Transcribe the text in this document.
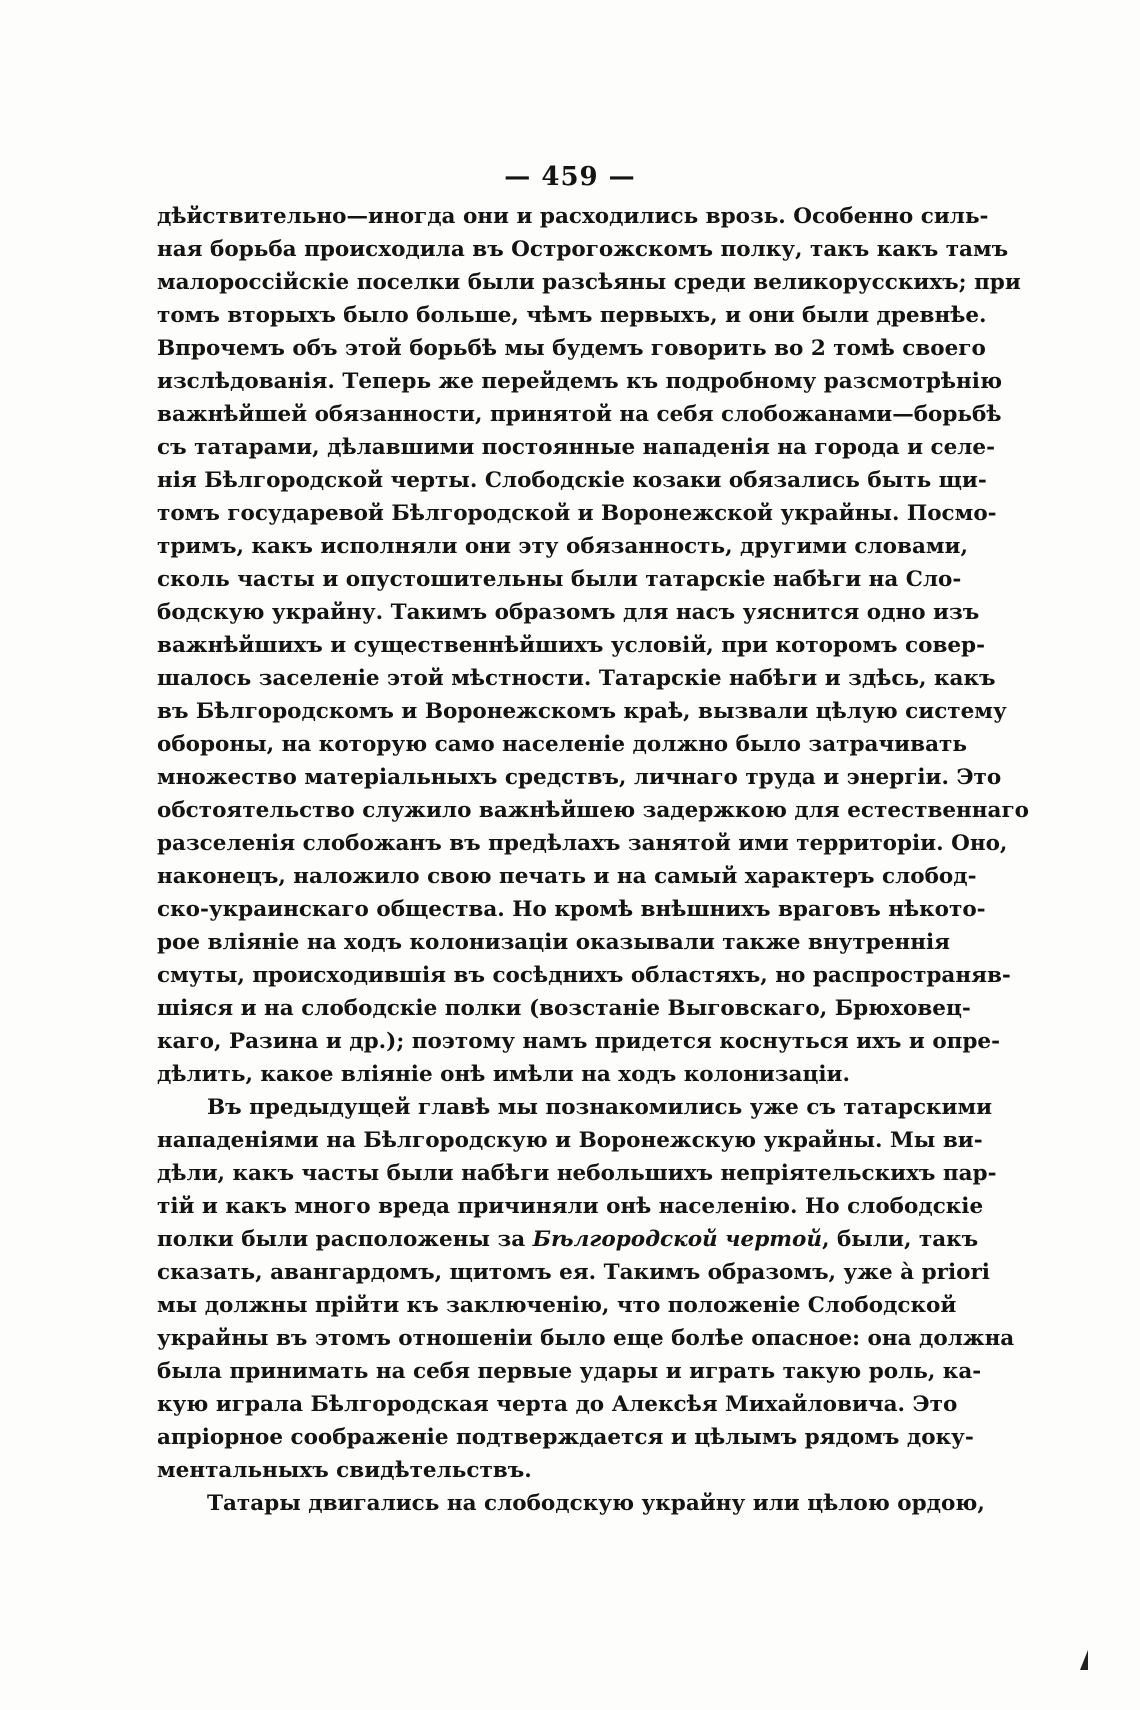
— 459 —
дѣйствительно—иногда они и расходились врозь. Особенно силь-
ная борьба происходила въ Острогожскомъ полку, такъ какъ тамъ
малороссійскіе поселки были разсѣяны среди великорусскихъ; при
томъ вторыхъ было больше, чѣмъ первыхъ, и они были древнѣе.
Впрочемъ объ этой борьбѣ мы будемъ говорить во 2 томѣ своего
изслѣдованія. Теперь же перейдемъ къ подробному разсмотрѣнію
важнѣйшей обязанности, принятой на себя слобожанами—борьбѣ
съ татарами, дѣлавшими постоянные нападенія на города и селе-
нія Бѣлгородской черты. Слободскіе козаки обязались быть щи-
томъ государевой Бѣлгородской и Воронежской украйны. Посмо-
тримъ, какъ исполняли они эту обязанность, другими словами,
сколь часты и опустошительны были татарскіе набѣги на Сло-
бодскую украйну. Такимъ образомъ для насъ уяснится одно изъ
важнѣйшихъ и существеннѣйшихъ условій, при которомъ совер-
шалось заселеніе этой мѣстности. Татарскіе набѣги и здѣсь, какъ
въ Бѣлгородскомъ и Воронежскомъ краѣ, вызвали цѣлую систему
обороны, на которую само населеніе должно было затрачивать
множество матеріальныхъ средствъ, личнаго труда и энергіи. Это
обстоятельство служило важнѣйшею задержкою для естественнаго
разселенія слобожанъ въ предѣлахъ занятой ими территоріи. Оно,
наконецъ, наложило свою печать и на самый характеръ слобод-
ско-украинскаго общества. Но кромѣ внѣшнихъ враговъ нѣкото-
рое вліяніе на ходъ колонизаціи оказывали также внутреннія
смуты, происходившія въ сосѣднихъ областяхъ, но распространяв-
шіяся и на слободскіе полки (возстаніе Выговскаго, Брюховец-
каго, Разина и др.); поэтому намъ придется коснуться ихъ и опре-
дѣлить, какое вліяніе онѣ имѣли на ходъ колонизаціи.
Въ предыдущей главѣ мы познакомились уже съ татарскими
нападеніями на Бѣлгородскую и Воронежскую украйны. Мы ви-
дѣли, какъ часты были набѣги небольшихъ непріятельскихъ пар-
тій и какъ много вреда причиняли онѣ населенію. Но слободскіе
полки были расположены за Бѣлгородской чертой, были, такъ
сказать, авангардомъ, щитомъ ея. Такимъ образомъ, уже à priori
мы должны прійти къ заключенію, что положеніе Слободской
украйны въ этомъ отношеніи было еще болѣе опасное: она должна
была принимать на себя первые удары и играть такую роль, ка-
кую играла Бѣлгородская черта до Алексѣя Михайловича. Это
апріорное соображеніе подтверждается и цѣлымъ рядомъ доку-
ментальныхъ свидѣтельствъ.
Татары двигались на слободскую украйну или цѣлою ордою,
